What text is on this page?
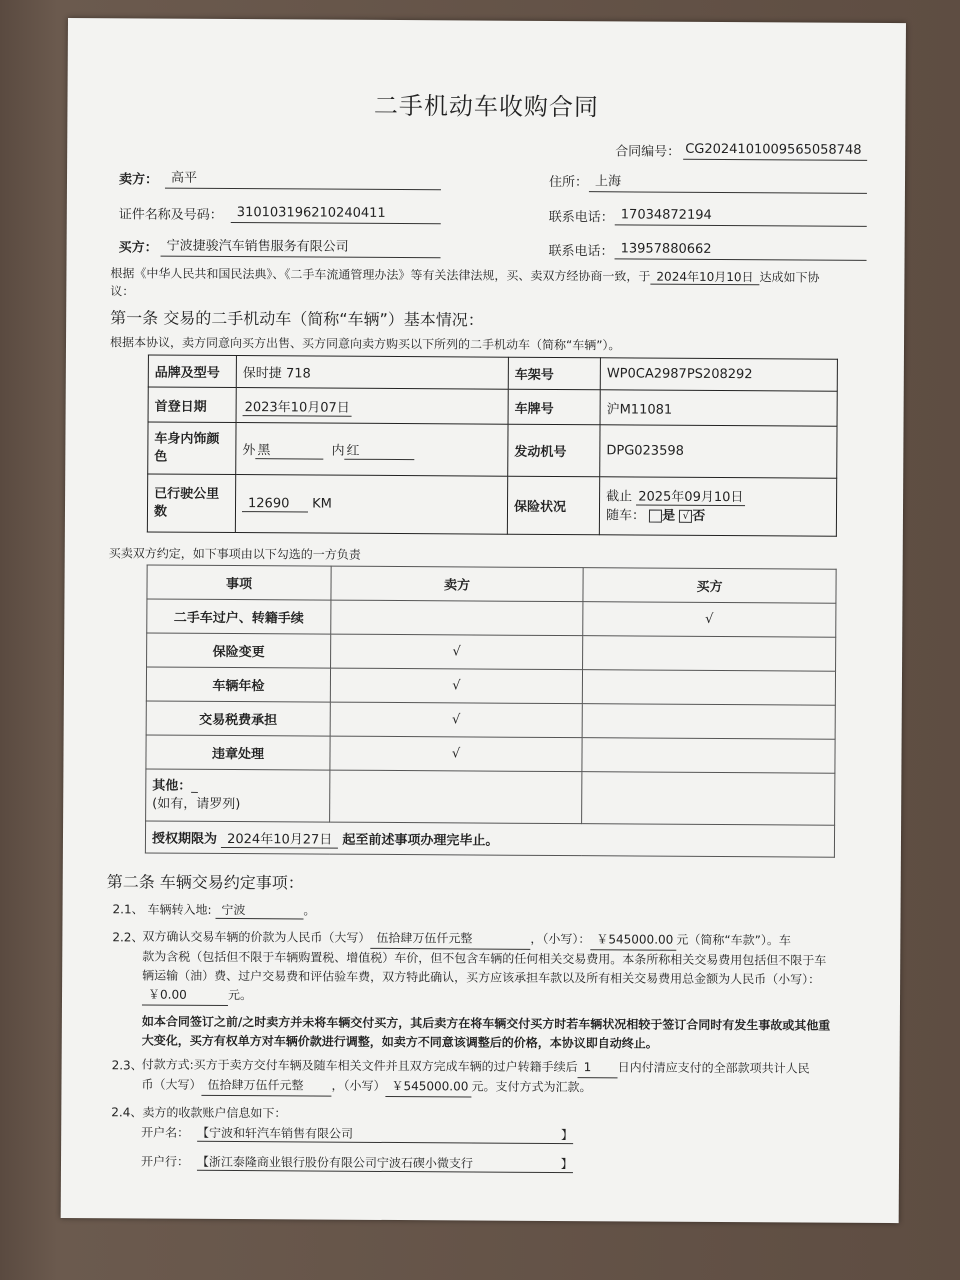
二手机动车收购合同
合同编号： CG20241010095650587​48
卖方： 高平	住所： 上海
证件名称及号码：	310103196210240411	联系电话： 17034872194
买方： 宁波捷骏汽车销售服务有限公司	联系电话： 13957880662
根据《中华人民共和国民法典》、《二手车流通管理办法》等有关法律法规，买、卖双方经协商一致，于 2024年10月10日 达成如下协
议：
第一条 交易的二手机动车（简称“车辆”）基本情况：
根据本协议，卖方同意向买方出售、买方同意向卖方购买以下所列的二手机动车（简称“车辆”）。
品牌及型号	保时捷 718	车架号	WP0CA2987PS208292
首登日期	2023年10月07日	车牌号	沪M11081
车身内饰颜色	外 黑 内 红	发动机号	DPG023598
已行驶公里数	12690 KM	保险状况	截止 2025年09月10日
随车： 是 √ 否
买卖双方约定，如下事项由以下勾选的一方负责
事项	卖方	买方
二手车过户、转籍手续		√
保险变更	√	
车辆年检	√	
交易税费承担	√	
违章处理	√	

其他：_
(如有，请罗列)		

授权期限为 2024年10月27日 起至前述事项办理完毕止。		
第二条 车辆交易约定事项：
2.1、 车辆转入地: 宁波	。
2.2、
双方确认交易车辆的价款为人民币（大写） 伍拾肆万伍仟元整	，（小写）： ￥545000.00 元（简称“车款”）。车
款为含税（包括但不限于车辆购置税、增值税）车价，但不包含车辆的任何相关交易费用。本条所称相关交易费用包括但不限于车
辆运输（油）费、过户交易费和评估验车费，双方特此确认，买方应该承担车款以及所有相关交易费用总金额为人民币（小写）：
￥0.00	元。
如本合同签订之前/之时卖方并未将车辆交付买方，其后卖方在将车辆交付买方时若车辆状况相较于签订合同时有发生事故或其他重
大变化，买方有权单方对车辆价款进行调整，如卖方不同意该调整后的价格，本协议即自动终止。
2.3、
付款方式:买方于卖方交付车辆及随车相关文件并且双方完成车辆的过户转籍手续后 1 日内付清应支付的全部款项共计人民
币（大写） 伍拾肆万伍仟元整 ，（小写） ￥545000.00 元。支付方式为汇款。
2.4、卖方的收款账户信息如下：
开户名： 【宁波和轩汽车销售有限公司	】
开户行： 【浙江泰隆商业银行股份有限公司宁波石碶小微支行	】
